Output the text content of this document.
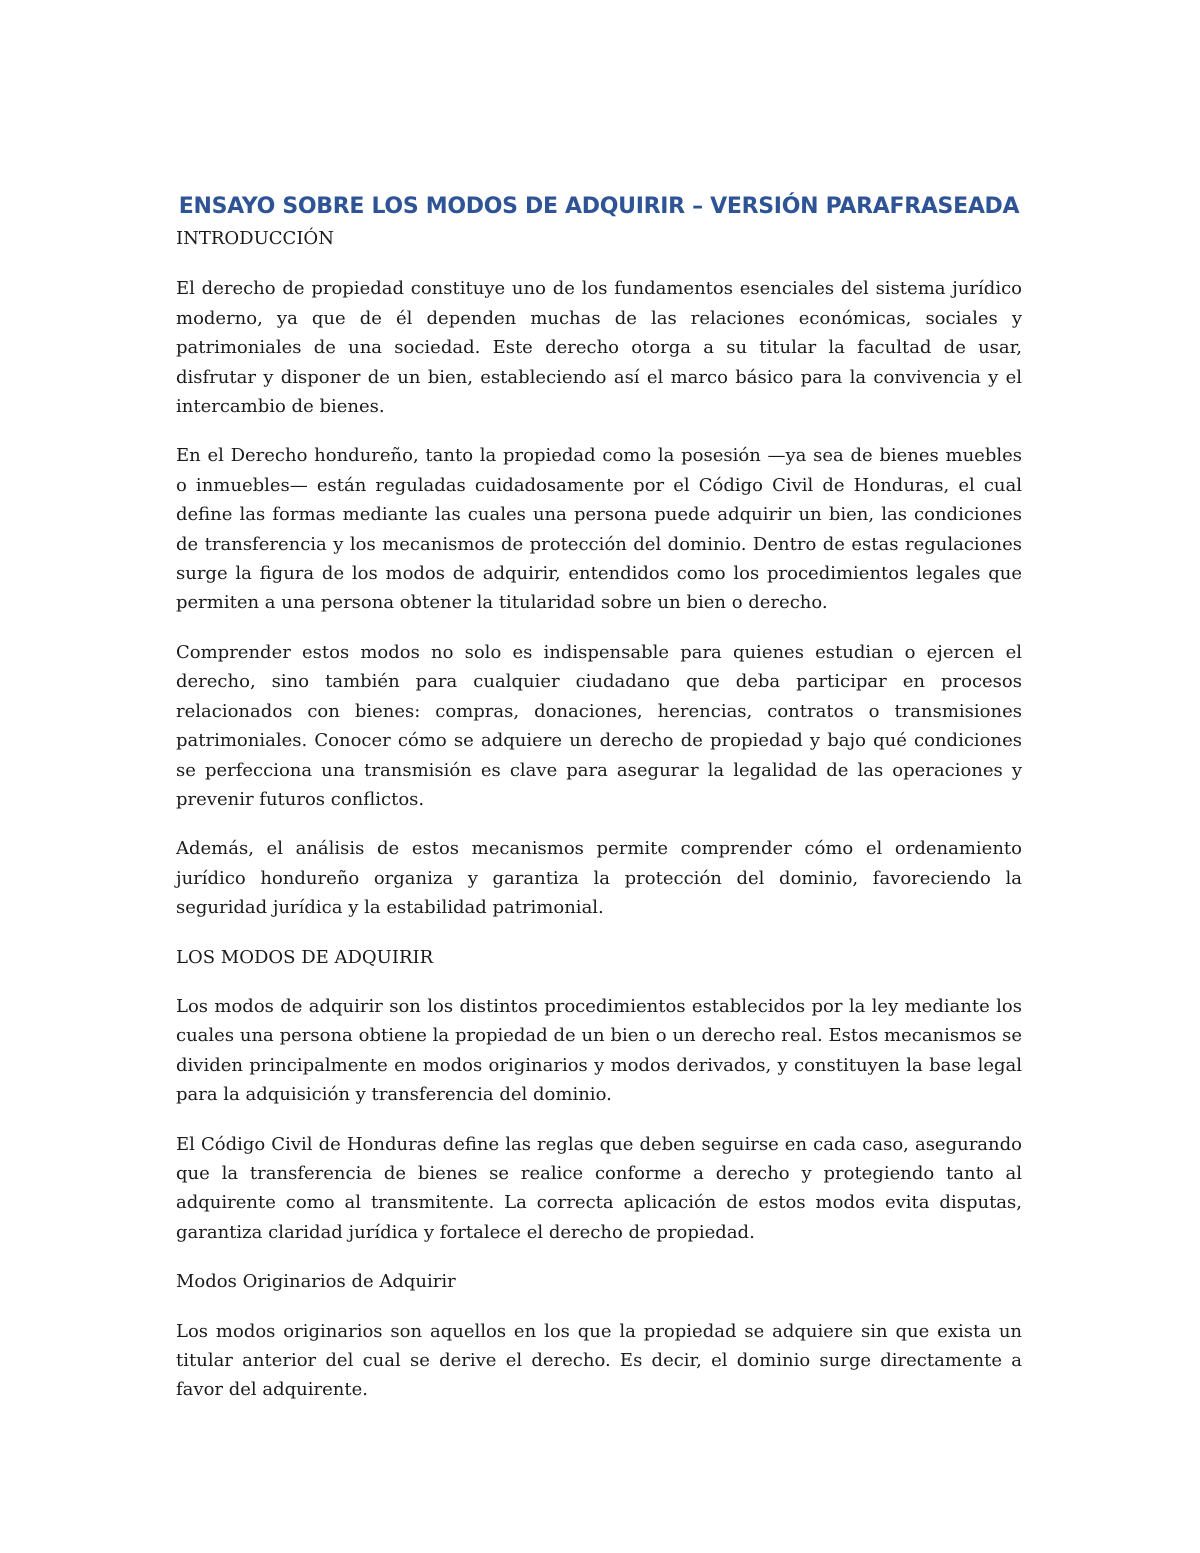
ENSAYO SOBRE LOS MODOS DE ADQUIRIR – VERSIÓN PARAFRASEADA
INTRODUCCIÓN

El derecho de propiedad constituye uno de los fundamentos esenciales del sistema jurídico moderno, ya que de él dependen muchas de las relaciones económicas, sociales y patrimoniales de una sociedad. Este derecho otorga a su titular la facultad de usar, disfrutar y disponer de un bien, estableciendo así el marco básico para la convivencia y el intercambio de bienes.

En el Derecho hondureño, tanto la propiedad como la posesión —ya sea de bienes muebles o inmuebles— están reguladas cuidadosamente por el Código Civil de Honduras, el cual define las formas mediante las cuales una persona puede adquirir un bien, las condiciones de transferencia y los mecanismos de protección del dominio. Dentro de estas regulaciones surge la figura de los modos de adquirir, entendidos como los procedimientos legales que permiten a una persona obtener la titularidad sobre un bien o derecho.

Comprender estos modos no solo es indispensable para quienes estudian o ejercen el derecho, sino también para cualquier ciudadano que deba participar en procesos relacionados con bienes: compras, donaciones, herencias, contratos o transmisiones patrimoniales. Conocer cómo se adquiere un derecho de propiedad y bajo qué condiciones se perfecciona una transmisión es clave para asegurar la legalidad de las operaciones y prevenir futuros conflictos.

Además, el análisis de estos mecanismos permite comprender cómo el ordenamiento jurídico hondureño organiza y garantiza la protección del dominio, favoreciendo la seguridad jurídica y la estabilidad patrimonial.

LOS MODOS DE ADQUIRIR

Los modos de adquirir son los distintos procedimientos establecidos por la ley mediante los cuales una persona obtiene la propiedad de un bien o un derecho real. Estos mecanismos se dividen principalmente en modos originarios y modos derivados, y constituyen la base legal para la adquisición y transferencia del dominio.

El Código Civil de Honduras define las reglas que deben seguirse en cada caso, asegurando que la transferencia de bienes se realice conforme a derecho y protegiendo tanto al adquirente como al transmitente. La correcta aplicación de estos modos evita disputas, garantiza claridad jurídica y fortalece el derecho de propiedad.

Modos Originarios de Adquirir

Los modos originarios son aquellos en los que la propiedad se adquiere sin que exista un titular anterior del cual se derive el derecho. Es decir, el dominio surge directamente a favor del adquirente.
